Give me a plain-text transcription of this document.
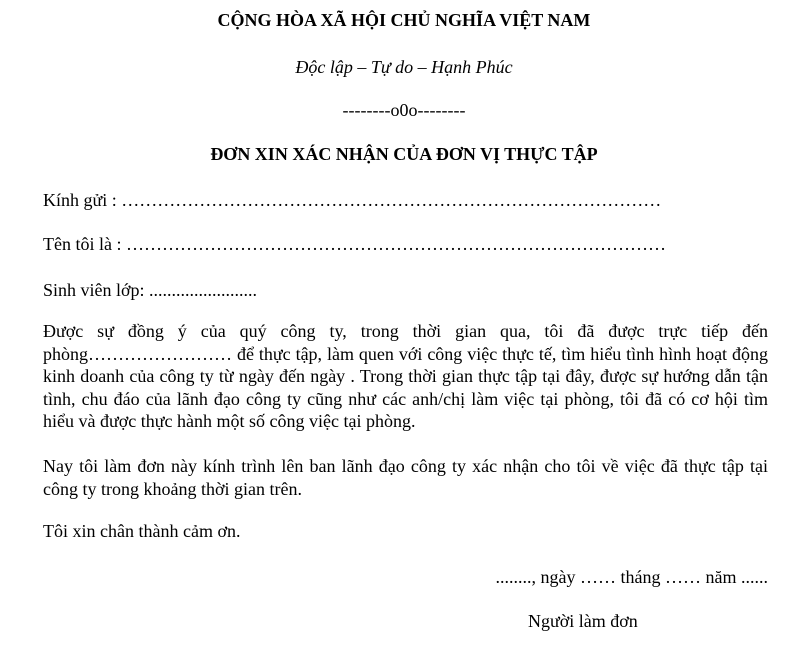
CỘNG HÒA XÃ HỘI CHỦ NGHĨA VIỆT NAM
Độc lập – Tự do – Hạnh Phúc
--------o0o--------
ĐƠN XIN XÁC NHẬN CỦA ĐƠN VỊ THỰC TẬP
Kính gửi : ………………………………………………………………………………
Tên tôi là : ………………………………………………………………………………
Sinh viên lớp: ........................
Được sự đồng ý của quý công ty, trong thời gian qua, tôi đã được trực tiếp đến phòng…………………… để thực tập, làm quen với công việc thực tế, tìm hiểu tình hình hoạt động kinh doanh của công ty từ ngày đến ngày . Trong thời gian thực tập tại đây, được sự hướng dẫn tận tình, chu đáo của lãnh đạo công ty cũng như các anh/chị làm việc tại phòng, tôi đã có cơ hội tìm hiểu và được thực hành một số công việc tại phòng.
Nay tôi làm đơn này kính trình lên ban lãnh đạo công ty xác nhận cho tôi về việc đã thực tập tại công ty trong khoảng thời gian trên.
Tôi xin chân thành cảm ơn.
........, ngày …… tháng …… năm ......
Người làm đơn
